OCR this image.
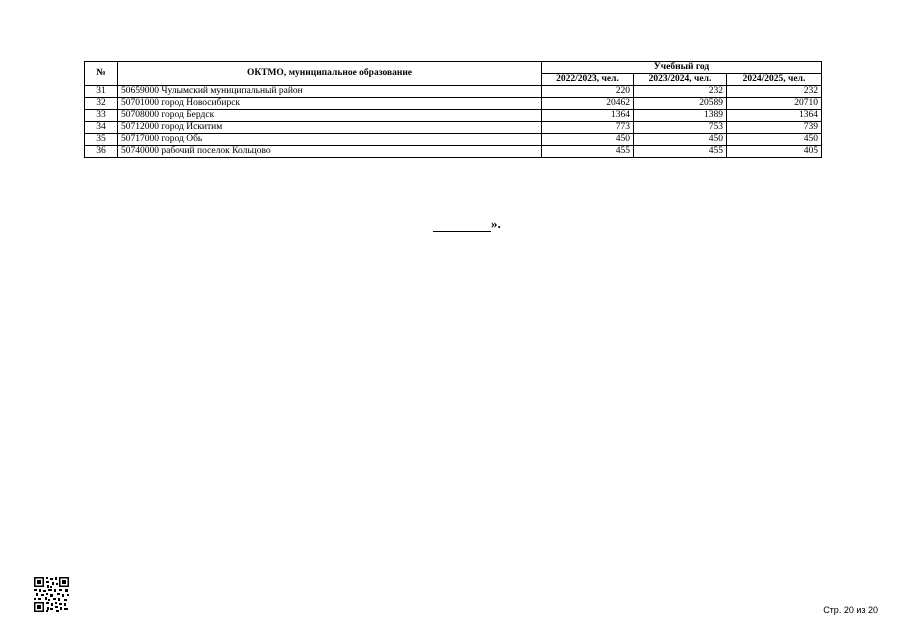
№	ОКТМО, муниципальное образование	Учебный год		
		2022/2023, чел.	2023/2024, чел.	2024/2025, чел.
31	50659000 Чулымский муниципальный район	220	232	232
32	50701000 город Новосибирск	20462	20589	20710
33	50708000 город Бердск	1364	1389	1364
34	50712000 город Искитим	773	753	739
35	50717000 город Обь	450	450	450
36	50740000 рабочий поселок Кольцово	455	455	405
».
Стр. 20 из 20
